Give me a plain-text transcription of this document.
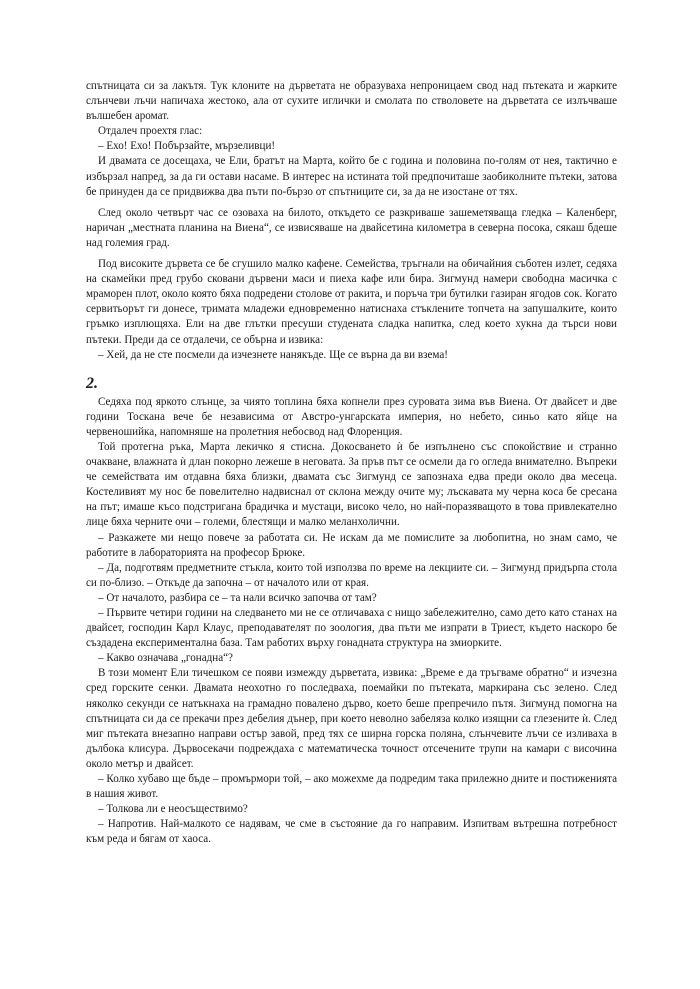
спътницата си за лакътя. Тук клоните на дърветата не образуваха непроницаем свод над пътеката и жарките слънчеви лъчи напичаха жестоко, ала от сухите иглички и смолата по стволовете на дърветата се излъчваше вълшебен аромат.

Отдалеч проехтя глас:

– Ехо! Ехо! Побързайте, мързеливци!

И двамата се досещаха, че Ели, братът на Марта, който бе с година и половина по-голям от нея, тактично е избързал напред, за да ги остави насаме. В интерес на истината той предпочиташе заобиколните пътеки, затова бе принуден да се придвижва два пъти по-бързо от спътниците си, за да не изостане от тях.

След около четвърт час се озоваха на билото, откъдето се разкриваше зашеметяваща гледка – Каленберг, наричан „местната планина на Виена“, се извисяваше на двайсетина километра в северна посока, сякаш бдеше над големия град.

Под високите дървета се бе сгушило малко кафене. Семейства, тръгнали на обичайния съботен излет, седяха на скамейки пред грубо сковани дървени маси и пиеха кафе или бира. Зигмунд намери свободна масичка с мраморен плот, около която бяха подредени столове от ракита, и поръча три бутилки газиран ягодов сок. Когато сервитьорът ги донесе, тримата младежи едновременно натиснаха стъклените топчета на запушалките, които гръмко изплющяха. Ели на две глътки пресуши студената сладка напитка, след което хукна да търси нови пътеки. Преди да се отдалечи, се обърна и извика:

– Хей, да не сте посмели да изчезнете нанякъде. Ще се върна да ви взема!

2.

Седяха под яркото слънце, за чиято топлина бяха копнели през суровата зима във Виена. От двайсет и две години Тоскана вече бе независима от Австро-унгарската империя, но небето, синьо като яйце на червеношийка, напомняше на пролетния небосвод над Флоренция.

Той протегна ръка, Марта лекичко я стисна. Докосването ѝ бе изпълнено със спокойствие и странно очакване, влажната ѝ длан покорно лежеше в неговата. За пръв път се осмели да го огледа внимателно. Въпреки че семействата им отдавна бяха близки, двамата със Зигмунд се запознаха едва преди около два месеца. Костеливият му нос бе повелително надвиснал от склона между очите му; лъскавата му черна коса бе сресана на път; имаше късо подстригана брадичка и мустаци, високо чело, но най-поразяващото в това привлекателно лице бяха черните очи – големи, блестящи и малко меланхолични.

– Разкажете ми нещо повече за работата си. Не искам да ме помислите за любопитна, но знам само, че работите в лабораторията на професор Брюке.

– Да, подготвям предметните стъкла, които той използва по време на лекциите си. – Зигмунд придърпа стола си по-близо. – Откъде да започна – от началото или от края.

– От началото, разбира се – та нали всичко започва от там?

– Първите четири години на следването ми не се отличаваха с нищо забележително, само дето като станах на двайсет, господин Карл Клаус, преподавателят по зоология, два пъти ме изпрати в Триест, където наскоро бе създадена експериментална база. Там работих върху гонадната структура на змиорките.

– Какво означава „гонадна“?

В този момент Ели тичешком се появи измежду дърветата, извика: „Време е да тръгваме обратно“ и изчезна сред горските сенки. Двамата неохотно го последваха, поемайки по пътеката, маркирана със зелено. След няколко секунди се натъкнаха на грамадно повалено дърво, което беше препречило пътя. Зигмунд помогна на спътницата си да се прекачи през дебелия дънер, при което неволно забеляза колко изящни са глезените ѝ. След миг пътеката внезапно направи остър завой, пред тях се ширна горска поляна, слънчевите лъчи се изливаха в дълбока клисура. Дървосекачи подреждаха с математическа точност отсечените трупи на камари с височина около метър и двайсет.

– Колко хубаво ще бъде – промърмори той, – ако можехме да подредим така прилежно дните и постиженията в нашия живот.

– Толкова ли е неосъществимо?

– Напротив. Най-малкото се надявам, че сме в състояние да го направим. Изпитвам вътрешна потребност към реда и бягам от хаоса.
